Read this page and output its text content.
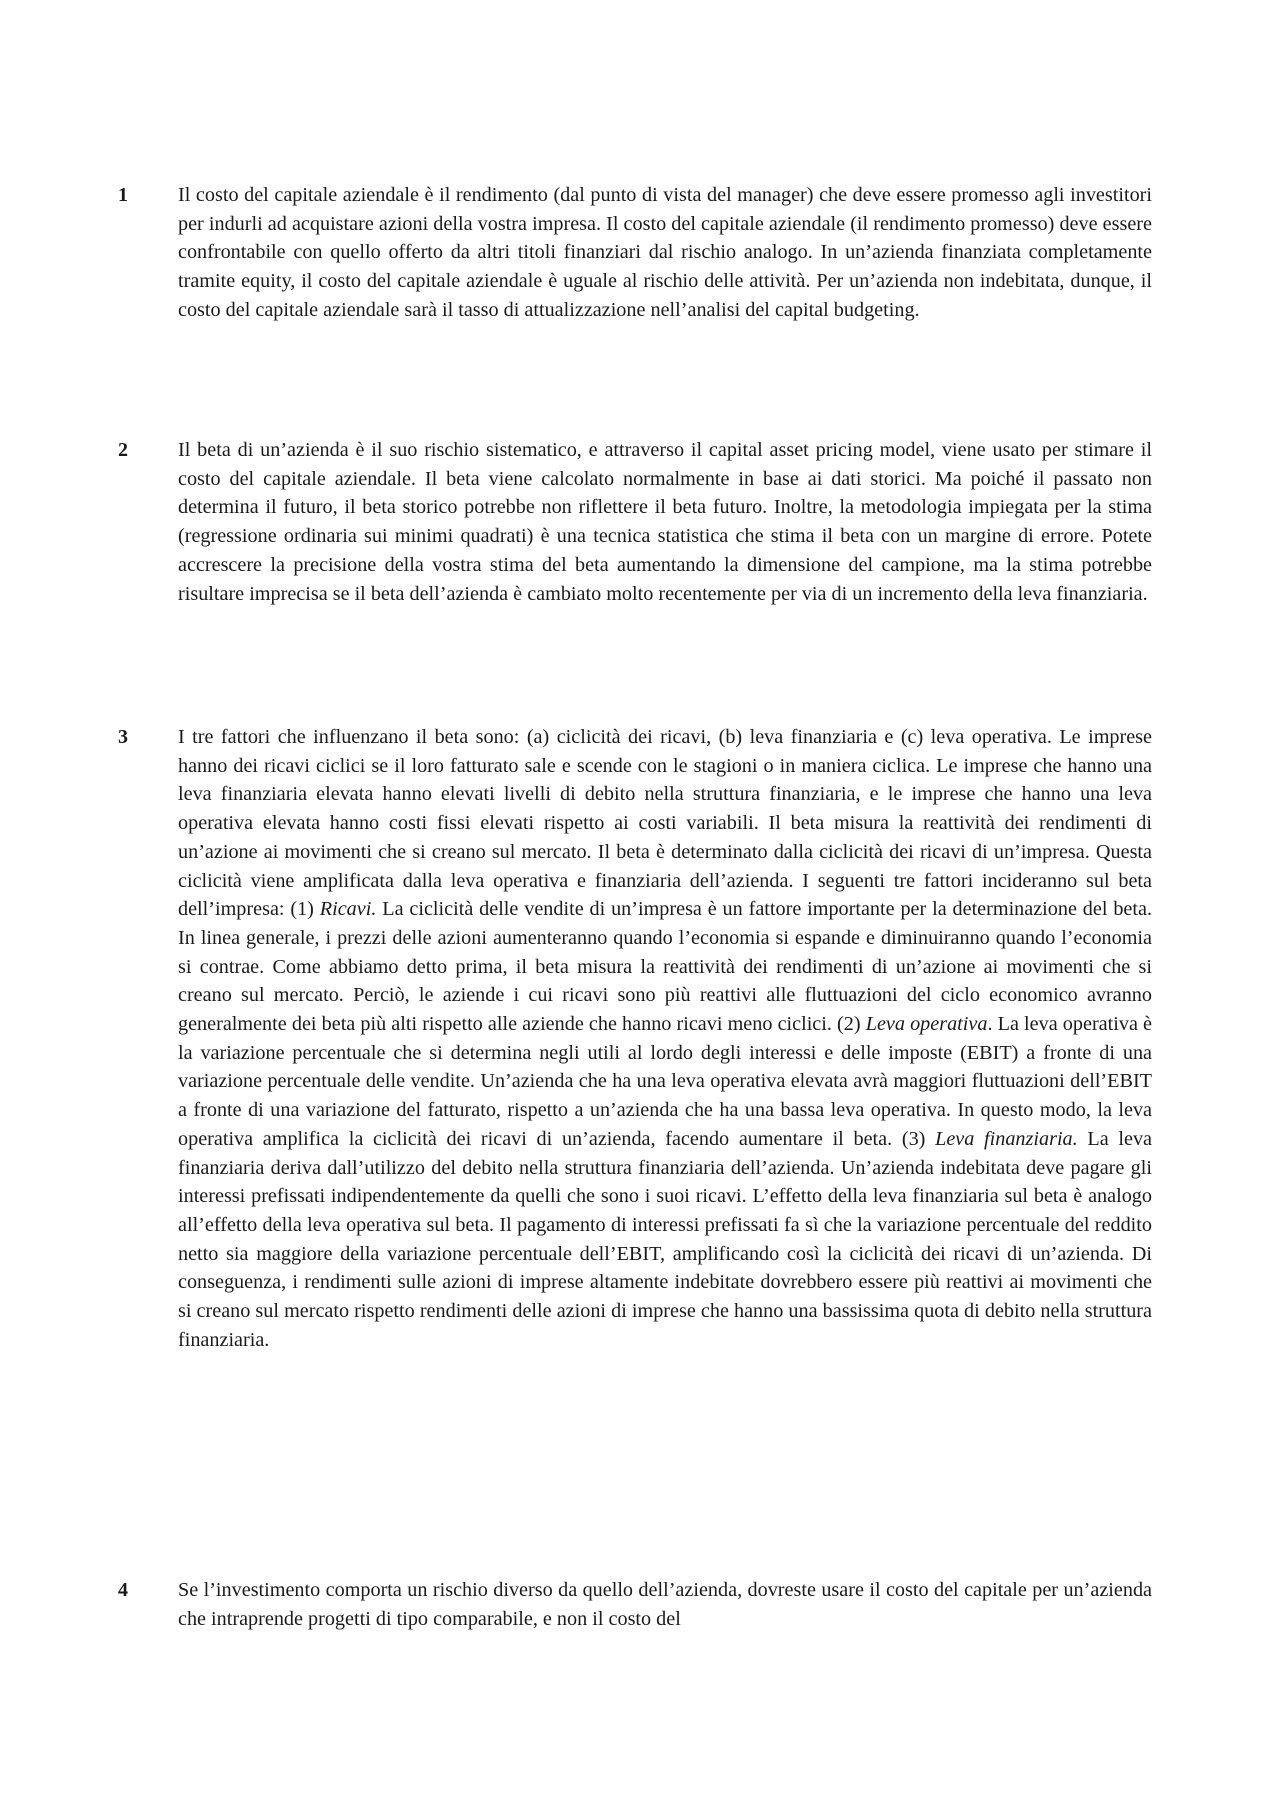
1	Il costo del capitale aziendale è il rendimento (dal punto di vista del manager) che deve essere promesso agli investitori per indurli ad acquistare azioni della vostra impresa. Il costo del capitale aziendale (il rendimento promesso) deve essere confrontabile con quello offerto da altri titoli finanziari dal rischio analogo. In un’azienda finanziata completamente tramite equity, il costo del capitale aziendale è uguale al rischio delle attività. Per un’azienda non indebitata, dunque, il costo del capitale aziendale sarà il tasso di attualizzazione nell’analisi del capital budgeting.
2	Il beta di un’azienda è il suo rischio sistematico, e attraverso il capital asset pricing model, viene usato per stimare il costo del capitale aziendale. Il beta viene calcolato normalmente in base ai dati storici. Ma poiché il passato non determina il futuro, il beta storico potrebbe non riflettere il beta futuro. Inoltre, la metodologia impiegata per la stima (regressione ordinaria sui minimi quadrati) è una tecnica statistica che stima il beta con un margine di errore. Potete accrescere la precisione della vostra stima del beta aumentando la dimensione del campione, ma la stima potrebbe risultare imprecisa se il beta dell’azienda è cambiato molto recentemente per via di un incremento della leva finanziaria.
3	I tre fattori che influenzano il beta sono: (a) ciclicità dei ricavi, (b) leva finanziaria e (c) leva operativa. Le imprese hanno dei ricavi ciclici se il loro fatturato sale e scende con le stagioni o in maniera ciclica. Le imprese che hanno una leva finanziaria elevata hanno elevati livelli di debito nella struttura finanziaria, e le imprese che hanno una leva operativa elevata hanno costi fissi elevati rispetto ai costi variabili. Il beta misura la reattività dei rendimenti di un’azione ai movimenti che si creano sul mercato. Il beta è determinato dalla ciclicità dei ricavi di un’impresa. Questa ciclicità viene amplificata dalla leva operativa e finanziaria dell’azienda. I seguenti tre fattori incideranno sul beta dell’impresa: (1) Ricavi. La ciclicità delle vendite di un’impresa è un fattore importante per la determinazione del beta. In linea generale, i prezzi delle azioni aumenteranno quando l’economia si espande e diminuiranno quando l’economia si contrae. Come abbiamo detto prima, il beta misura la reattività dei rendimenti di un’azione ai movimenti che si creano sul mercato. Perciò, le aziende i cui ricavi sono più reattivi alle fluttuazioni del ciclo economico avranno generalmente dei beta più alti rispetto alle aziende che hanno ricavi meno ciclici. (2) Leva operativa. La leva operativa è la variazione percentuale che si determina negli utili al lordo degli interessi e delle imposte (EBIT) a fronte di una variazione percentuale delle vendite. Un’azienda che ha una leva operativa elevata avrà maggiori fluttuazioni dell’EBIT a fronte di una variazione del fatturato, rispetto a un’azienda che ha una bassa leva operativa. In questo modo, la leva operativa amplifica la ciclicità dei ricavi di un’azienda, facendo aumentare il beta. (3) Leva finanziaria. La leva finanziaria deriva dall’utilizzo del debito nella struttura finanziaria dell’azienda. Un’azienda indebitata deve pagare gli interessi prefissati indipendentemente da quelli che sono i suoi ricavi. L’effetto della leva finanziaria sul beta è analogo all’effetto della leva operativa sul beta. Il pagamento di interessi prefissati fa sì che la variazione percentuale del reddito netto sia maggiore della variazione percentuale dell’EBIT, amplificando così la ciclicità dei ricavi di un’azienda. Di conseguenza, i rendimenti sulle azioni di imprese altamente indebitate dovrebbero essere più reattivi ai movimenti che si creano sul mercato rispetto rendimenti delle azioni di imprese che hanno una bassissima quota di debito nella struttura finanziaria.
4	Se l’investimento comporta un rischio diverso da quello dell’azienda, dovreste usare il costo del capitale per un’azienda che intraprende progetti di tipo comparabile, e non il costo del
